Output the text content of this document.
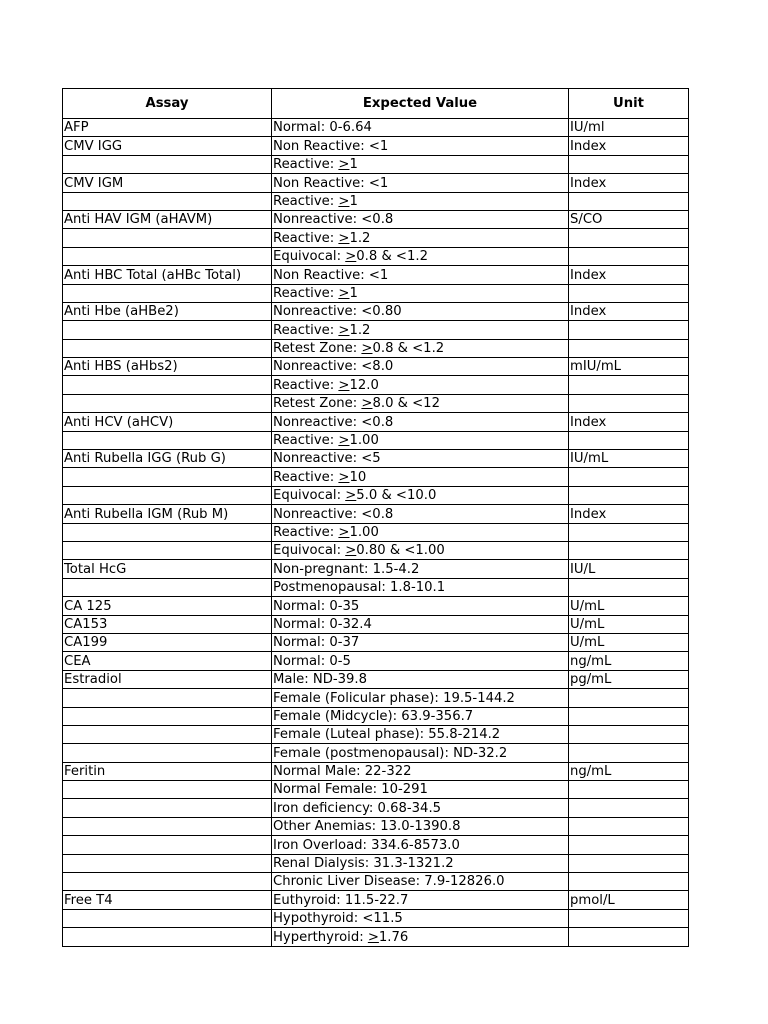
Assay	Expected Value	Unit
AFP	Normal: 0-6.64	IU/ml
CMV IGG	Non Reactive: <1	Index
	Reactive: >1	
CMV IGM	Non Reactive: <1	Index
	Reactive: >1	
Anti HAV IGM (aHAVM)	Nonreactive: <0.8	S/CO
	Reactive: >1.2	
	Equivocal: >0.8 & <1.2	
Anti HBC Total (aHBc Total)	Non Reactive: <1	Index
	Reactive: >1	
Anti Hbe (aHBe2)	Nonreactive: <0.80	Index
	Reactive: >1.2	
	Retest Zone: >0.8 & <1.2	
Anti HBS (aHbs2)	Nonreactive: <8.0	mIU/mL
	Reactive: >12.0	
	Retest Zone: >8.0 & <12	
Anti HCV (aHCV)	Nonreactive: <0.8	Index
	Reactive: >1.00	
Anti Rubella IGG (Rub G)	Nonreactive: <5	IU/mL
	Reactive: >10	
	Equivocal: >5.0 & <10.0	
Anti Rubella IGM (Rub M)	Nonreactive: <0.8	Index
	Reactive: >1.00	
	Equivocal: >0.80 & <1.00	
Total HcG	Non-pregnant: 1.5-4.2	IU/L
	Postmenopausal: 1.8-10.1	
CA 125	Normal: 0-35	U/mL
CA153	Normal: 0-32.4	U/mL
CA199	Normal: 0-37	U/mL
CEA	Normal: 0-5	ng/mL
Estradiol	Male: ND-39.8	pg/mL
	Female (Folicular phase): 19.5-144.2	
	Female (Midcycle): 63.9-356.7	
	Female (Luteal phase): 55.8-214.2	
	Female (postmenopausal): ND-32.2	
Feritin	Normal Male: 22-322	ng/mL
	Normal Female: 10-291	
	Iron deficiency: 0.68-34.5	
	Other Anemias: 13.0-1390.8	
	Iron Overload: 334.6-8573.0	
	Renal Dialysis: 31.3-1321.2	
	Chronic Liver Disease: 7.9-12826.0	
Free T4	Euthyroid: 11.5-22.7	pmol/L
	Hypothyroid: <11.5	
	Hyperthyroid: >1.76	
